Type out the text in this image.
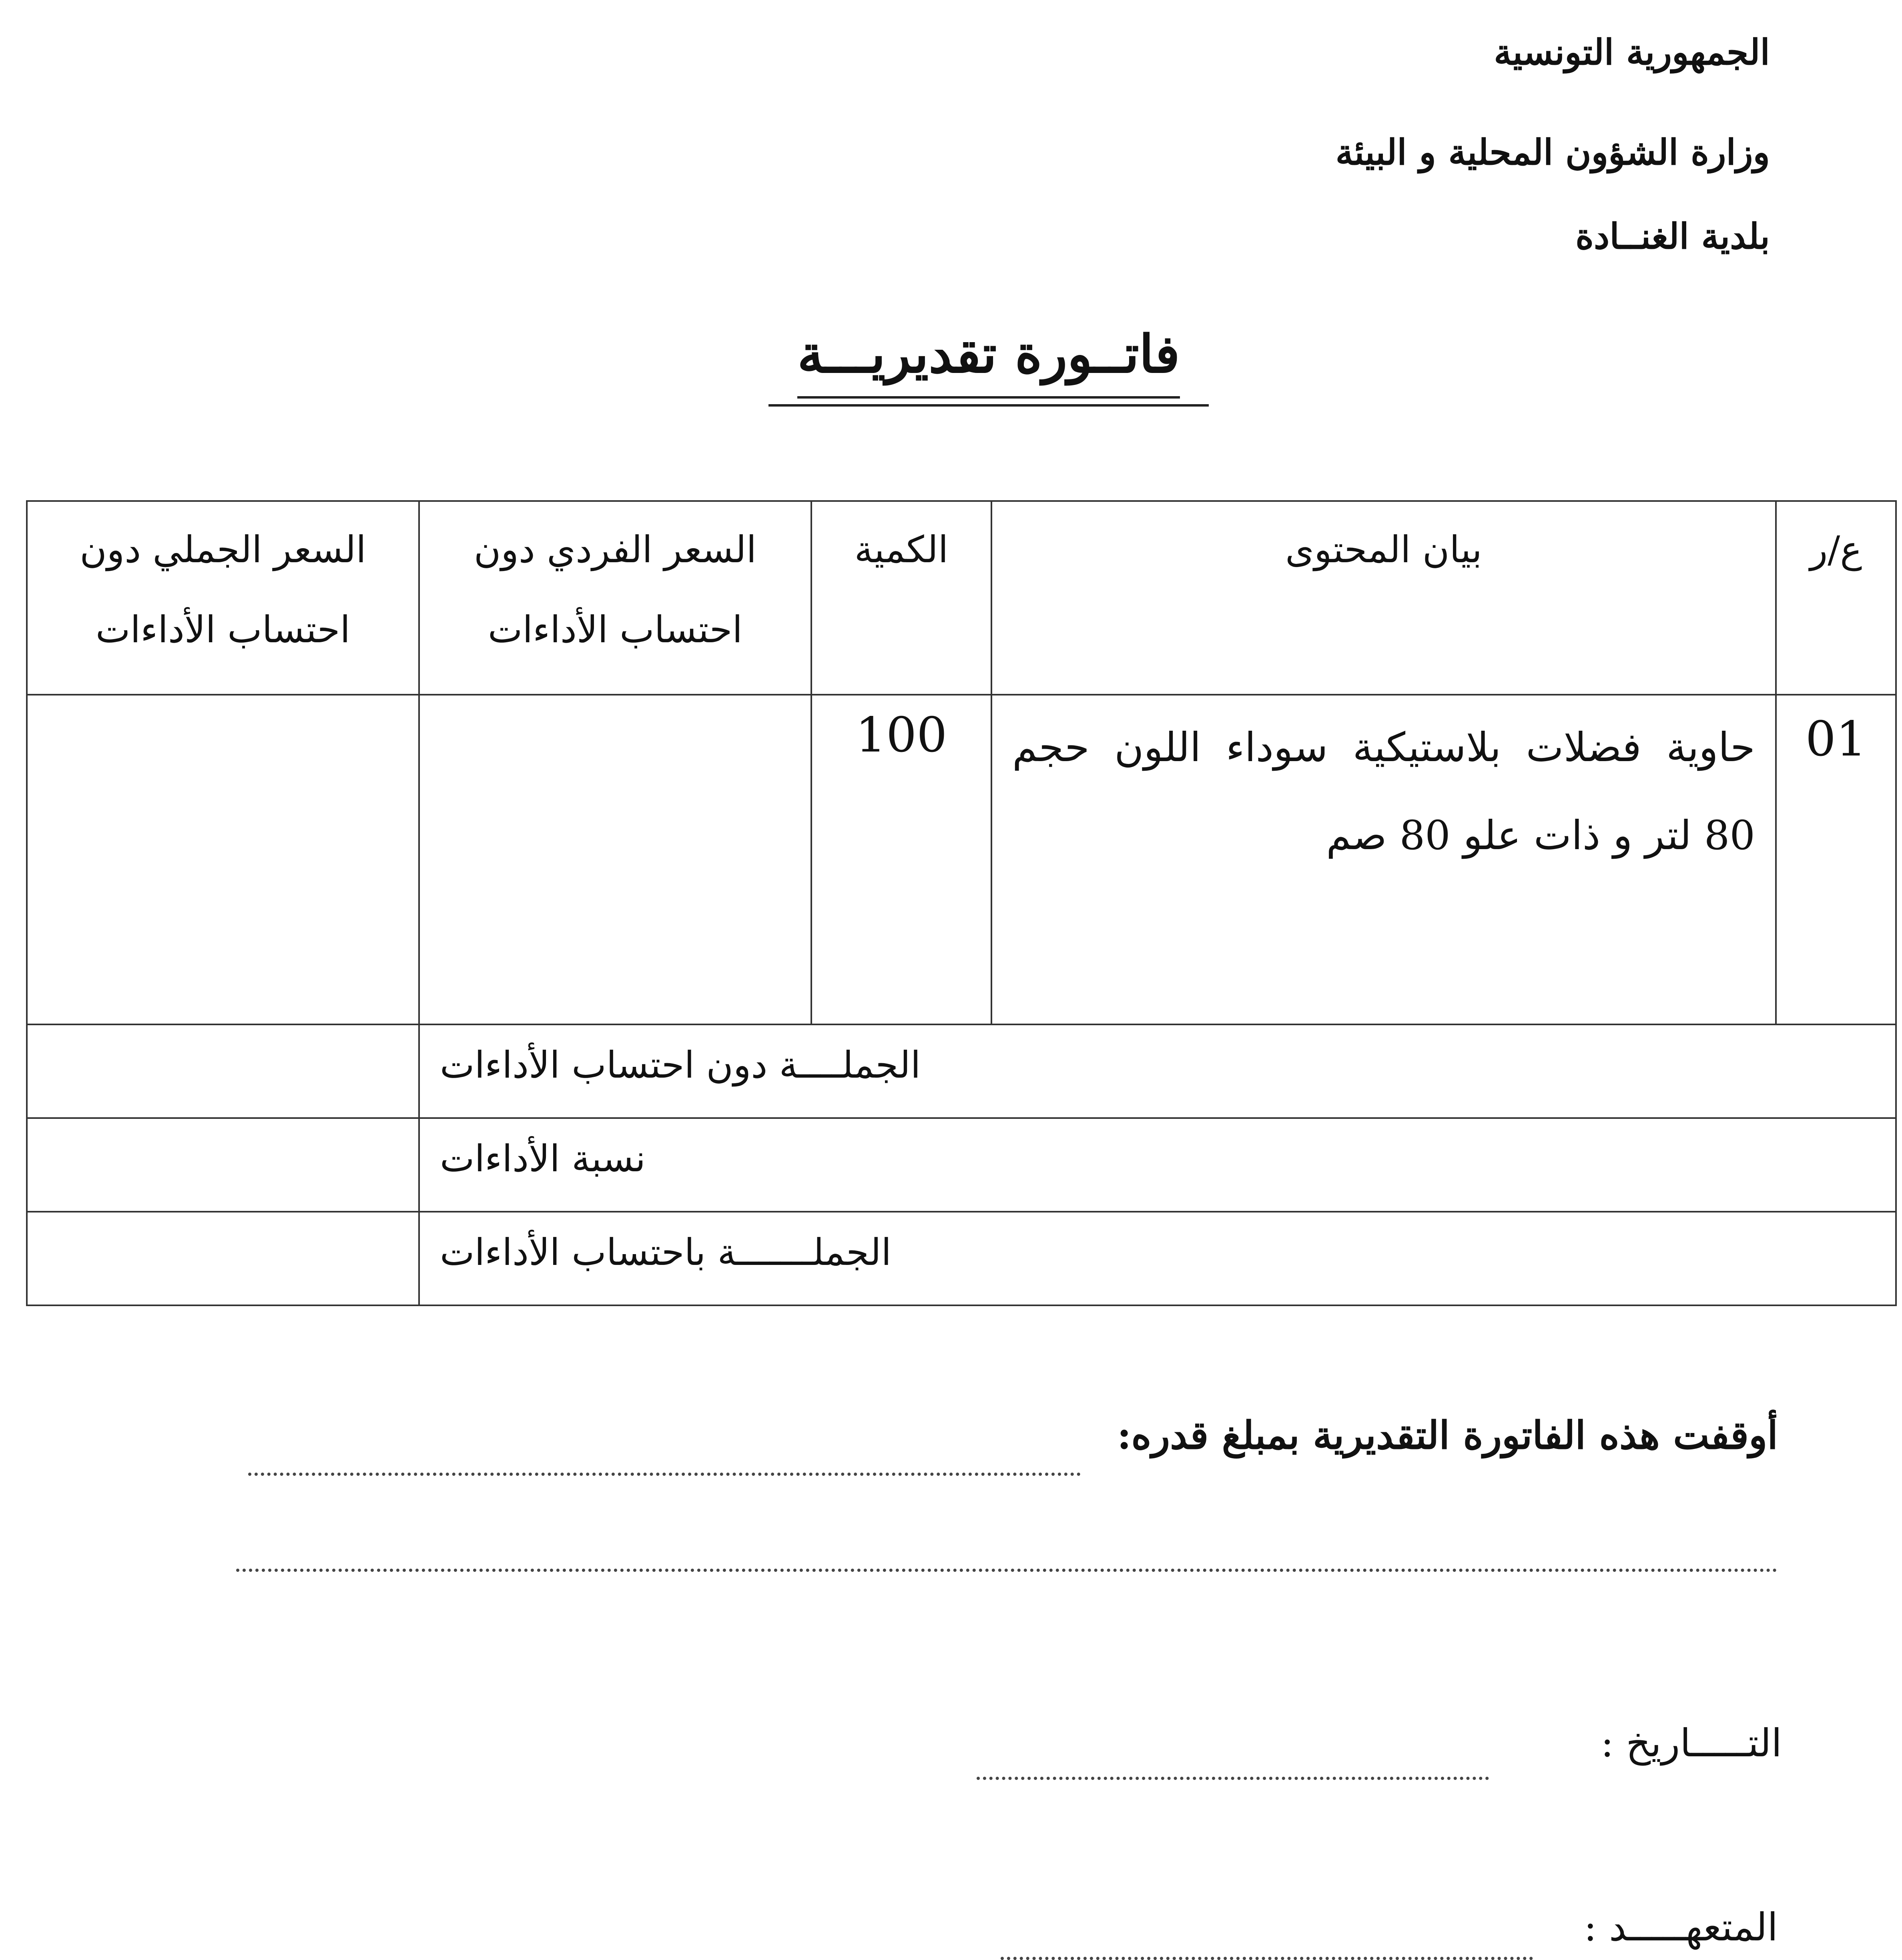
الجمهورية التونسية
وزارة الشؤون المحلية و البيئة
بلدية الغنــادة
فاتــورة تقديريـــة
ع/ر	بيان المحتوى	الكمية	السعر الفردي دون احتساب الأداءات	السعر الجملي دون احتساب الأداءات
01	حاوية فضلات بلاستيكية سوداء اللون حجم 80 لتر و ذات علو 80 صم	100		
الجملــــة دون احتساب الأداءات				
نسبة الأداءات				
الجملـــــــة باحتساب الأداءات				
أوقفت هذه الفاتورة التقديرية بمبلغ قدره:
التـــــاريخ :
المتعهـــــد :
